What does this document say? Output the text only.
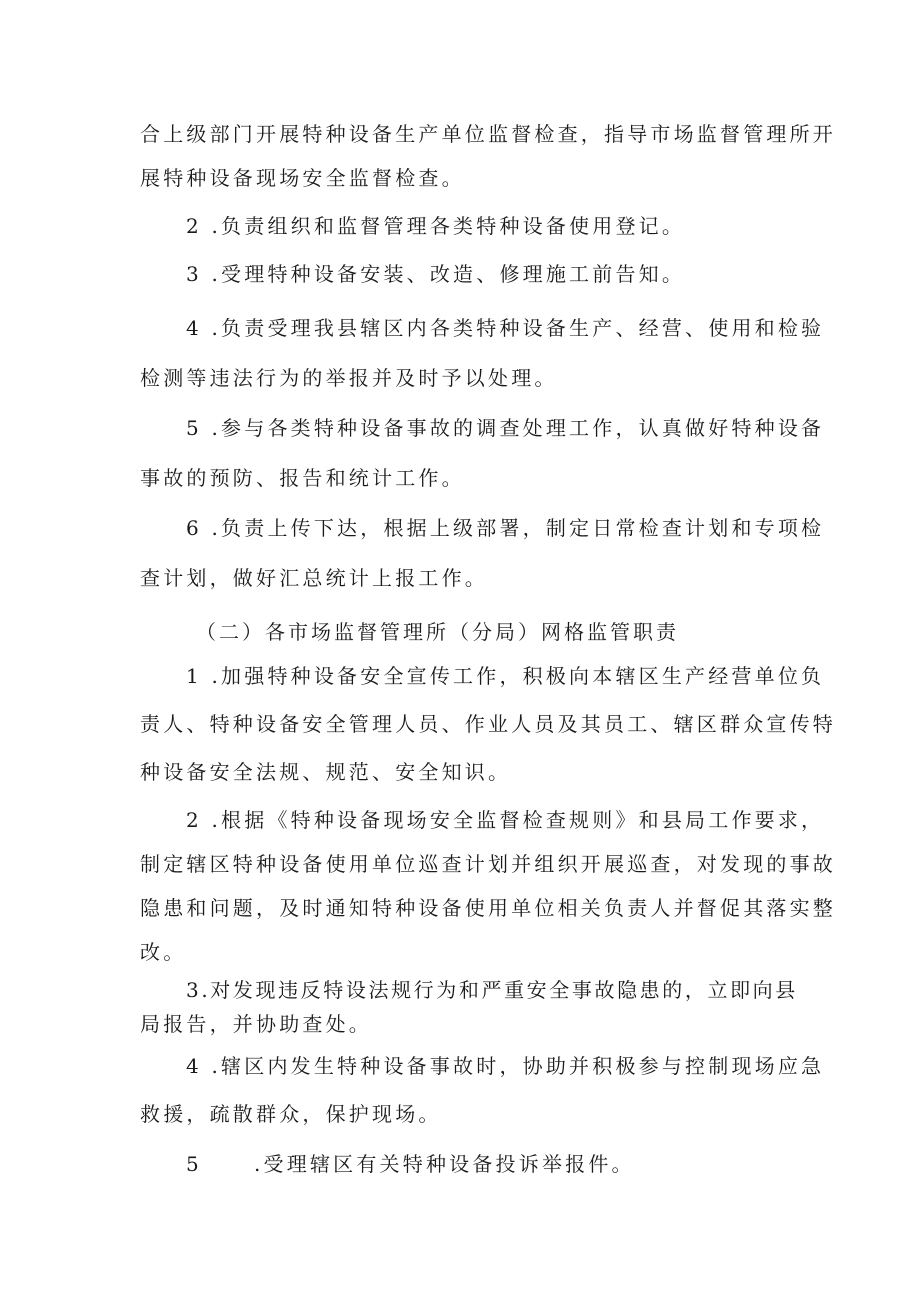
合上级部门开展特种设备生产单位监督检查，指导市场监督管理所开
展特种设备现场安全监督检查。
2 .负责组织和监督管理各类特种设备使用登记。
3 .受理特种设备安装、改造、修理施工前告知。
4 .负责受理我县辖区内各类特种设备生产、经营、使用和检验
检测等违法行为的举报并及时予以处理。
5 .参与各类特种设备事故的调查处理工作，认真做好特种设备
事故的预防、报告和统计工作。
6 .负责上传下达，根据上级部署，制定日常检查计划和专项检
查计划，做好汇总统计上报工作。
（二）各市场监督管理所（分局）网格监管职责
1 .加强特种设备安全宣传工作，积极向本辖区生产经营单位负
责人、特种设备安全管理人员、作业人员及其员工、辖区群众宣传特
种设备安全法规、规范、安全知识。
2 .根据《特种设备现场安全监督检查规则》和县局工作要求，
制定辖区特种设备使用单位巡查计划并组织开展巡查，对发现的事故
隐患和问题，及时通知特种设备使用单位相关负责人并督促其落实整
改。
3.对发现违反特设法规行为和严重安全事故隐患的，立即向县
局报告，并协助查处。
4 .辖区内发生特种设备事故时，协助并积极参与控制现场应急
救援，疏散群众，保护现场。
5	.受理辖区有关特种设备投诉举报件。
